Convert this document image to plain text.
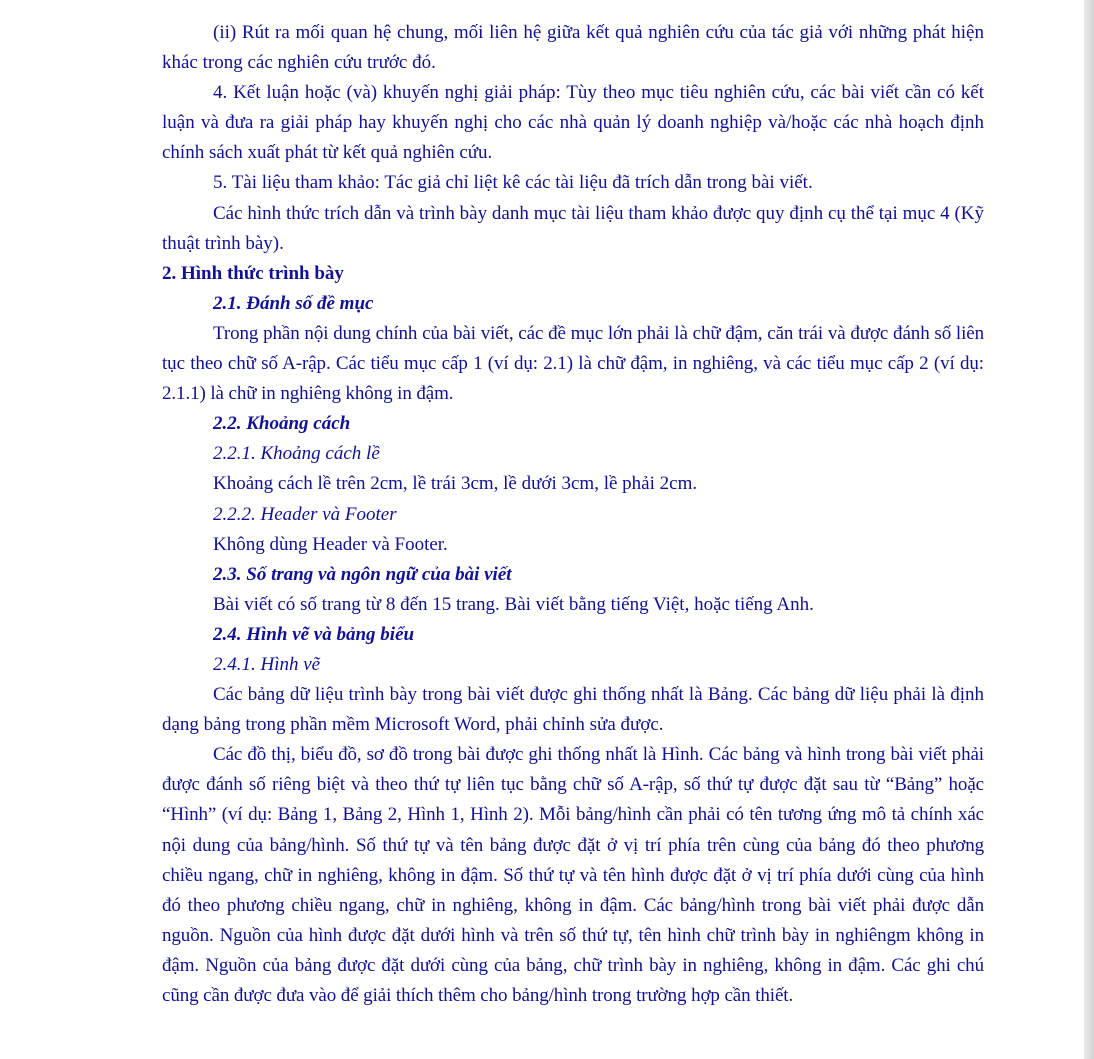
(ii) Rút ra mối quan hệ chung, mối liên hệ giữa kết quả nghiên cứu của tác giả với những phát hiện khác trong các nghiên cứu trước đó.

4. Kết luận hoặc (và) khuyến nghị giải pháp: Tùy theo mục tiêu nghiên cứu, các bài viết cần có kết luận và đưa ra giải pháp hay khuyến nghị cho các nhà quản lý doanh nghiệp và/hoặc các nhà hoạch định chính sách xuất phát từ kết quả nghiên cứu.

5. Tài liệu tham khảo: Tác giả chỉ liệt kê các tài liệu đã trích dẫn trong bài viết.

Các hình thức trích dẫn và trình bày danh mục tài liệu tham khảo được quy định cụ thể tại mục 4 (Kỹ thuật trình bày).

2. Hình thức trình bày

2.1. Đánh số đề mục

Trong phần nội dung chính của bài viết, các đề mục lớn phải là chữ đậm, căn trái và được đánh số liên tục theo chữ số A-rập. Các tiểu mục cấp 1 (ví dụ: 2.1) là chữ đậm, in nghiêng, và các tiểu mục cấp 2 (ví dụ: 2.1.1) là chữ in nghiêng không in đậm.

2.2. Khoảng cách

2.2.1. Khoảng cách lề

Khoảng cách lề trên 2cm, lề trái 3cm, lề dưới 3cm, lề phải 2cm.

2.2.2. Header và Footer

Không dùng Header và Footer.

2.3. Số trang và ngôn ngữ của bài viết

Bài viết có số trang từ 8 đến 15 trang. Bài viết bằng tiếng Việt, hoặc tiếng Anh.

2.4. Hình vẽ và bảng biểu

2.4.1. Hình vẽ

Các bảng dữ liệu trình bày trong bài viết được ghi thống nhất là Bảng. Các bảng dữ liệu phải là định dạng bảng trong phần mềm Microsoft Word, phải chỉnh sửa được.

Các đồ thị, biểu đồ, sơ đồ trong bài được ghi thống nhất là Hình. Các bảng và hình trong bài viết phải được đánh số riêng biệt và theo thứ tự liên tục bằng chữ số A-rập, số thứ tự được đặt sau từ “Bảng” hoặc “Hình” (ví dụ: Bảng 1, Bảng 2, Hình 1, Hình 2). Mỗi bảng/hình cần phải có tên tương ứng mô tả chính xác nội dung của bảng/hình. Số thứ tự và tên bảng được đặt ở vị trí phía trên cùng của bảng đó theo phương chiều ngang, chữ in nghiêng, không in đậm. Số thứ tự và tên hình được đặt ở vị trí phía dưới cùng của hình đó theo phương chiều ngang, chữ in nghiêng, không in đậm. Các bảng/hình trong bài viết phải được dẫn nguồn. Nguồn của hình được đặt dưới hình và trên số thứ tự, tên hình chữ trình bày in nghiêngm không in đậm. Nguồn của bảng được đặt dưới cùng của bảng, chữ trình bày in nghiêng, không in đậm. Các ghi chú cũng cần được đưa vào để giải thích thêm cho bảng/hình trong trường hợp cần thiết.
